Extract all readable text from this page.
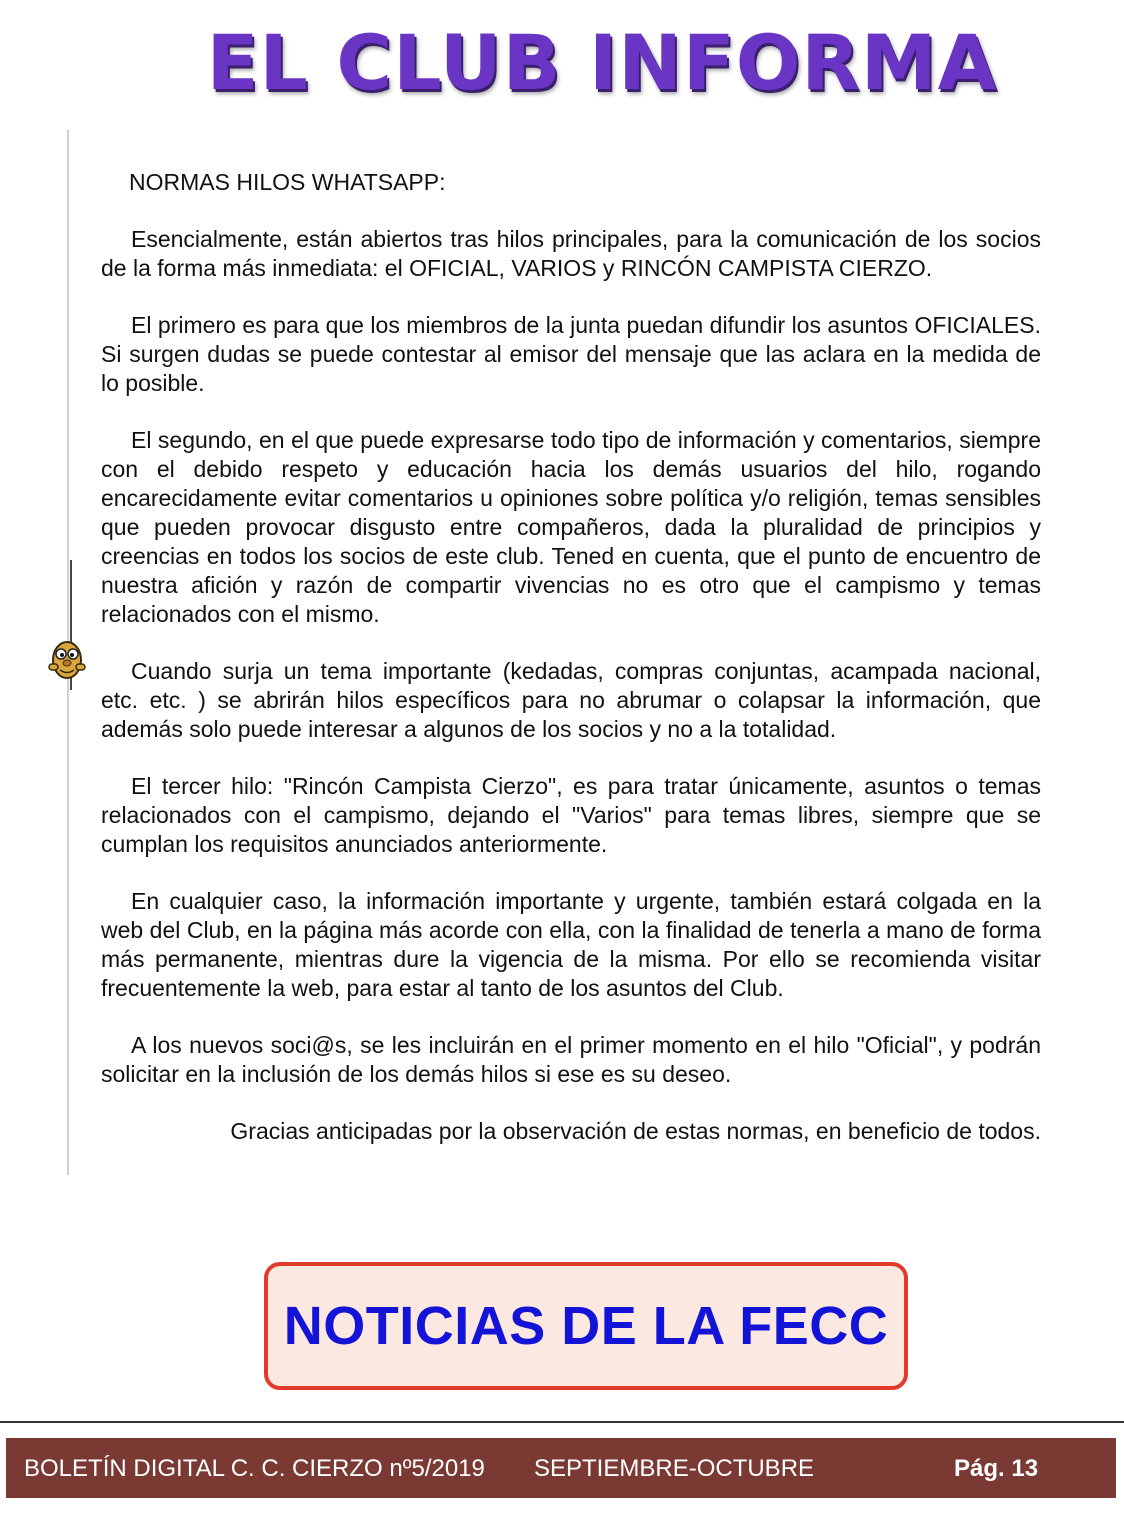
EL CLUB INFORMA

NORMAS HILOS WHATSAPP:

Esencialmente, están abiertos tras hilos principales, para la comunicación de los socios de la forma más inmediata: el OFICIAL, VARIOS y RINCÓN CAMPISTA CIERZO.

El primero es para que los miembros de la junta puedan difundir los asuntos OFICIALES. Si surgen dudas se puede contestar al emisor del mensaje que las aclara en la medida de lo posible.

El segundo, en el que puede expresarse todo tipo de información y comentarios, siempre con el debido respeto y educación hacia los demás usuarios del hilo, rogando encarecidamente evitar comentarios u opiniones sobre política y/o religión, temas sensibles que pueden provocar disgusto entre compañeros, dada la pluralidad de principios y creencias en todos los socios de este club. Tened en cuenta, que el punto de encuentro de nuestra afición y razón de compartir vivencias no es otro que el campismo y temas relacionados con el mismo.

Cuando surja un tema importante (kedadas, compras conjuntas, acampada nacional, etc. etc. ) se abrirán hilos específicos para no abrumar o colapsar la información, que además solo puede interesar a algunos de los socios y no a la totalidad.

El tercer hilo: "Rincón Campista Cierzo", es para tratar únicamente, asuntos o temas relacionados con el campismo, dejando el "Varios" para temas libres, siempre que se cumplan los requisitos anunciados anteriormente.

En cualquier caso, la información importante y urgente, también estará colgada en la web del Club, en la página más acorde con ella, con la finalidad de tenerla a mano de forma más permanente, mientras dure la vigencia de la misma. Por ello se recomienda visitar frecuentemente la web, para estar al tanto de los asuntos del Club.

A los nuevos soci@s, se les incluirán en el primer momento en el hilo "Oficial", y podrán solicitar en la inclusión de los demás hilos si ese es su deseo.

Gracias anticipadas por la observación de estas normas, en beneficio de todos.

NOTICIAS DE LA FECC
BOLETÍN DIGITAL C. C. CIERZO nº5/2019 SEPTIEMBRE-OCTUBRE	Pág. 13
